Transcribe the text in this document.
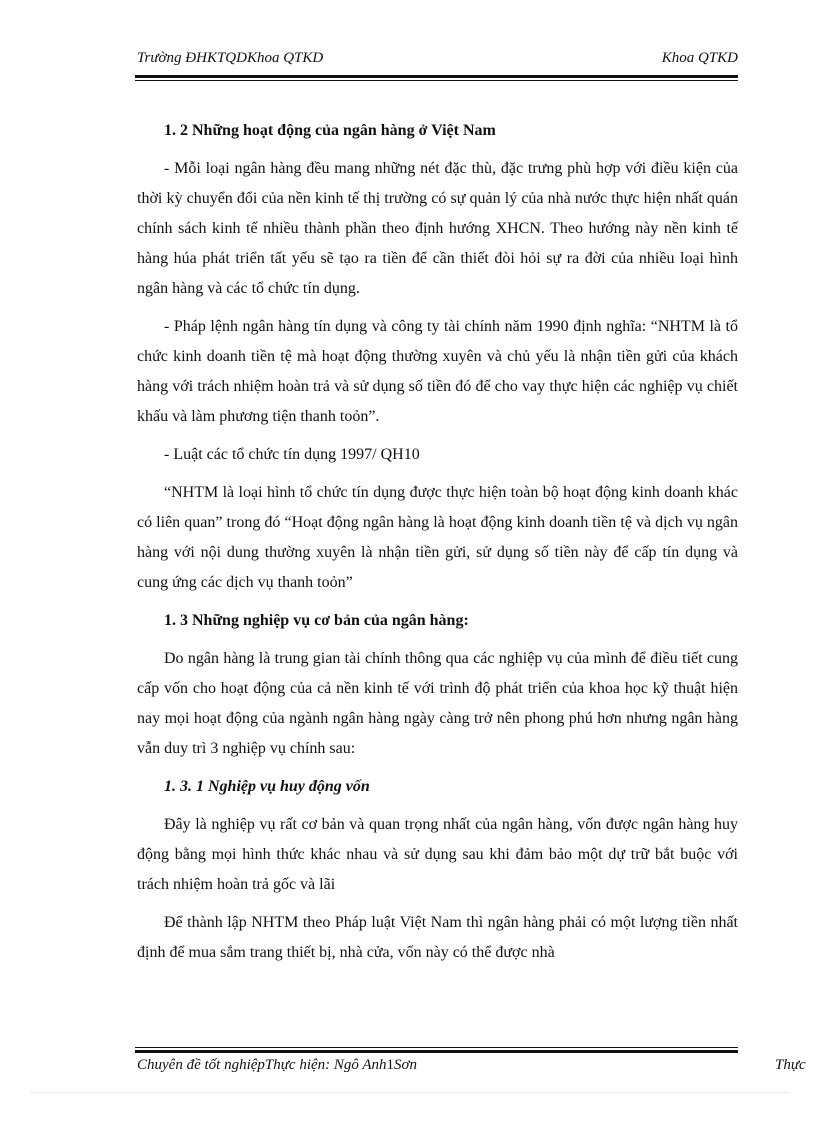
Trường ĐHKTQDKhoa QTKD	Khoa QTKD
1. 2 Những hoạt động của ngân hàng ở Việt Nam

- Mỗi loại ngân hàng đều mang những nét đặc thù, đặc trưng phù hợp với điều kiện của thời kỳ chuyển đổi của nền kinh tế thị trường có sự quản lý của nhà nước thực hiện nhất quán chính sách kinh tế nhiều thành phần theo định hướng XHCN. Theo hướng này nền kinh tế hàng húa phát triển tất yếu sẽ tạo ra tiền để cần thiết đòi hỏi sự ra đời của nhiều loại hình ngân hàng và các tổ chức tín dụng.

- Pháp lệnh ngân hàng tín dụng và công ty tài chính năm 1990 định nghĩa: “NHTM là tổ chức kinh doanh tiền tệ mà hoạt động thường xuyên và chủ yếu là nhận tiền gửi của khách hàng với trách nhiệm hoàn trả và sử dụng số tiền đó để cho vay thực hiện các nghiệp vụ chiết khấu và làm phương tiện thanh toỏn”.

- Luật các tổ chức tín dụng 1997/ QH10

“NHTM là loại hình tổ chức tín dụng được thực hiện toàn bộ hoạt động kinh doanh khác có liên quan” trong đó “Hoạt động ngân hàng là hoạt động kinh doanh tiền tệ và dịch vụ ngân hàng với nội dung thường xuyên là nhận tiền gửi, sử dụng số tiền này để cấp tín dụng và cung ứng các dịch vụ thanh toỏn”

1. 3 Những nghiệp vụ cơ bản của ngân hàng:

Do ngân hàng là trung gian tài chính thông qua các nghiệp vụ của mình để điều tiết cung cấp vốn cho hoạt động của cả nền kinh tế với trình độ phát triển của khoa học kỹ thuật hiện nay mọi hoạt động của ngành ngân hàng ngày càng trở nên phong phú hơn nhưng ngân hàng vẫn duy trì 3 nghiệp vụ chính sau:

1. 3. 1 Nghiệp vụ huy động vốn

Đây là nghiệp vụ rất cơ bản và quan trọng nhất của ngân hàng, vốn được ngân hàng huy động bằng mọi hình thức khác nhau và sử dụng sau khi đảm bảo một dự trữ bắt buộc với trách nhiệm hoàn trả gốc và lãi

Để thành lập NHTM theo Pháp luật Việt Nam thì ngân hàng phải có một lượng tiền nhất định để mua sắm trang thiết bị, nhà cửa, vốn này có thể được nhà

Chuyên đề tốt nghiệpThực hiện: Ngô Anh1Sơn	Thực
